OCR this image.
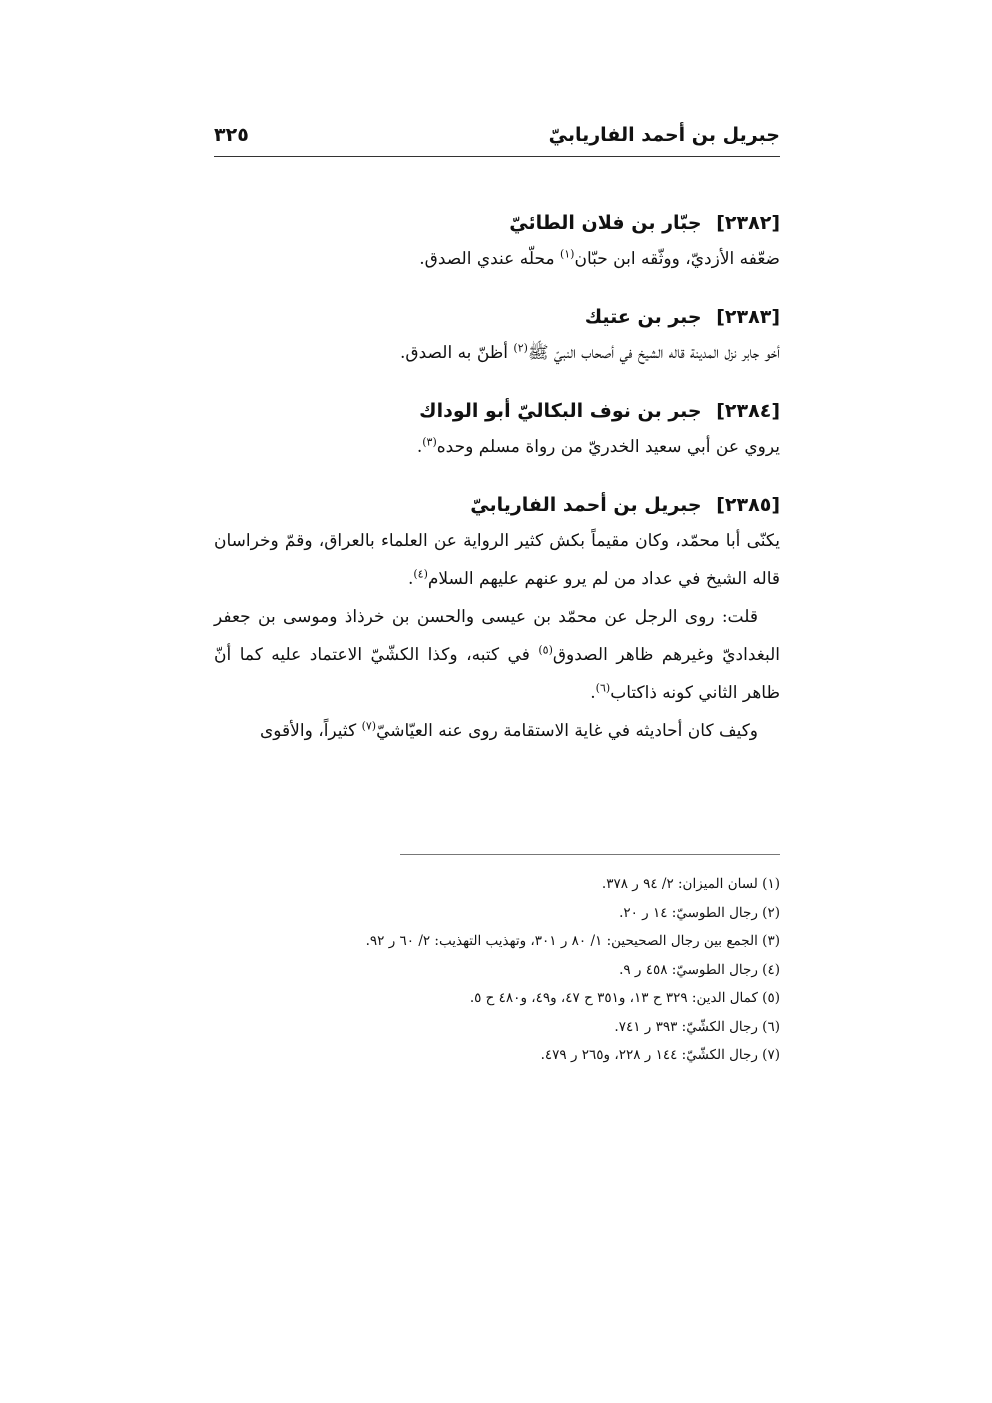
جبريل بن أحمد الفاريابيّ
٣٢٥

[٢٣٨٢] جبّار بن فلان الطائيّ

ضعّفه الأزديّ، ووثّقه ابن حبّان$^{(١)}$ محلّه عندي الصدق.

[٢٣٨٣] جبر بن عتيك

أخو جابر نزل المدينة قاله الشيخ في أصحاب النبيّ ﷺ$^{(٢)}$ أظنّ به الصدق.

[٢٣٨٤] جبر بن نوف البكاليّ أبو الوداك

يروي عن أبي سعيد الخدريّ من رواة مسلم وحده$^{(٣)}$.

[٢٣٨٥] جبريل بن أحمد الفاريابيّ

يكنّى أبا محمّد، وكان مقيماً بكش كثير الرواية عن العلماء بالعراق، وقمّ وخراسان قاله الشيخ في عداد من لم يرو عنهم عليهم السلام$^{(٤)}$.

قلت: روى الرجل عن محمّد بن عيسى والحسن بن خرذاذ وموسى بن جعفر البغداديّ وغيرهم ظاهر الصدوق$^{(٥)}$ في كتبه، وكذا الكشّيّ الاعتماد عليه كما أنّ ظاهر الثاني كونه ذاكتاب$^{(٦)}$.

وكيف كان أحاديثه في غاية الاستقامة روى عنه العيّاشيّ$^{(٧)}$ كثيراً، والأقوى

(١) لسان الميزان: ٢/ ٩٤ ر ٣٧٨.

(٢) رجال الطوسيّ: ١٤ ر ٢٠.

(٣) الجمع بين رجال الصحيحين: ١/ ٨٠ ر ٣٠١، وتهذيب التهذيب: ٢/ ٦٠ ر ٩٢.

(٤) رجال الطوسيّ: ٤٥٨ ر ٩.

(٥) كمال الدين: ٣٢٩ ح ١٣، و٣٥١ ح ٤٧، و٤٩، و٤٨٠ ح ٥.

(٦) رجال الكشّيّ: ٣٩٣ ر ٧٤١.

(٧) رجال الكشّيّ: ١٤٤ ر ٢٢٨، و٢٦٥ ر ٤٧٩.
